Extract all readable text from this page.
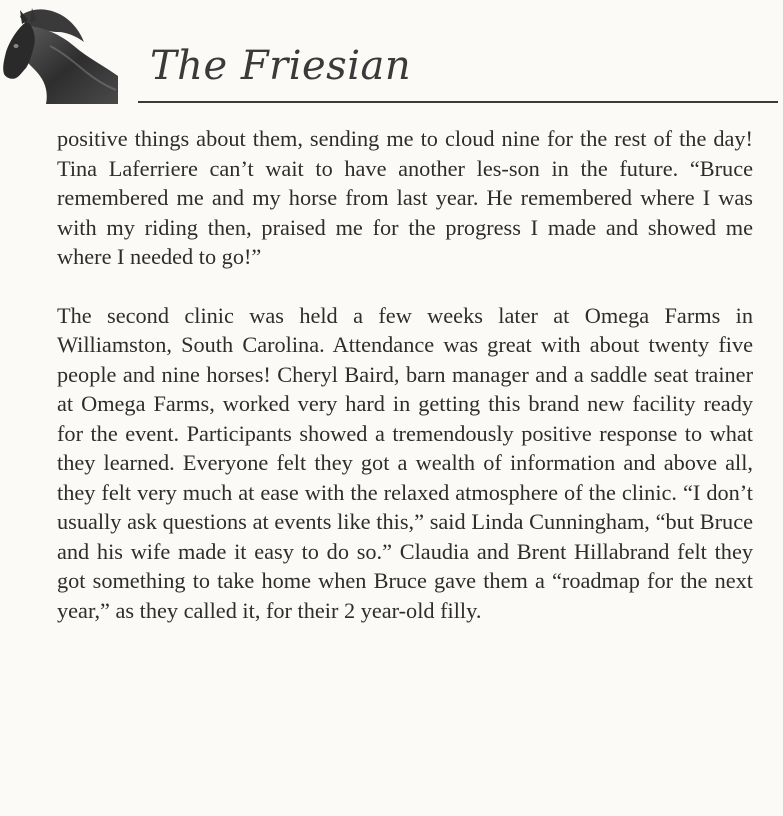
The Friesian

positive things about them, sending me to cloud nine for the rest of the day! Tina Laferriere can’t wait to have another les-son in the future. “Bruce remembered me and my horse from last year. He remembered where I was with my riding then, praised me for the progress I made and showed me where I needed to go!”

The second clinic was held a few weeks later at Omega Farms in Williamston, South Carolina. Attendance was great with about twenty five people and nine horses! Cheryl Baird, barn manager and a saddle seat trainer at Omega Farms, worked very hard in getting this brand new facility ready for the event. Participants showed a tremendously positive response to what they learned. Everyone felt they got a wealth of information and above all, they felt very much at ease with the relaxed atmosphere of the clinic. “I don’t usually ask questions at events like this,” said Linda Cunningham, “but Bruce and his wife made it easy to do so.” Claudia and Brent Hillabrand felt they got something to take home when Bruce gave them a “roadmap for the next year,” as they called it, for their 2 year-old filly.
